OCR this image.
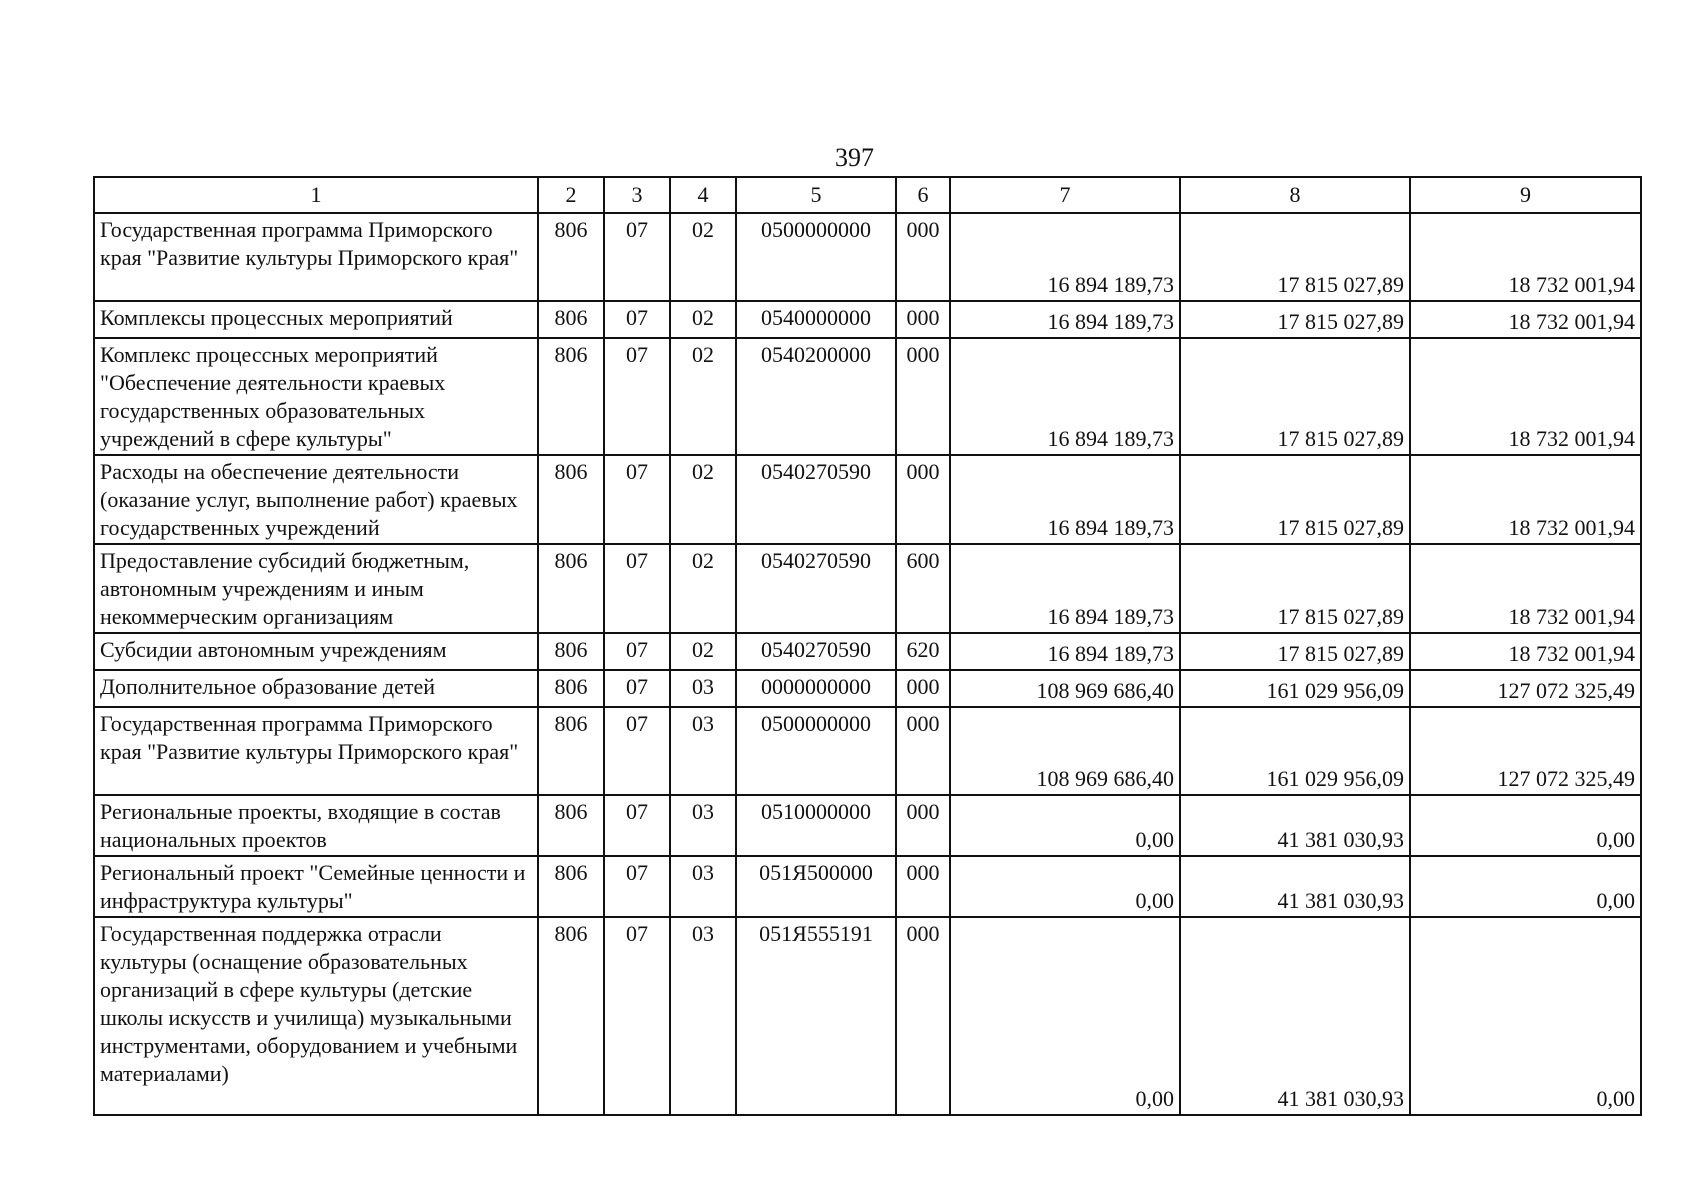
397
1	2	3	4	5	6	7	8	9
Государственная программа Приморского края "Развитие культуры Приморского края"	806	07	02	0500000000	000	16 894 189,73	17 815 027,89	18 732 001,94
Комплексы процессных мероприятий	806	07	02	0540000000	000	16 894 189,73	17 815 027,89	18 732 001,94
Комплекс процессных мероприятий "Обеспечение деятельности краевых государственных образовательных учреждений в сфере культуры"	806	07	02	0540200000	000	16 894 189,73	17 815 027,89	18 732 001,94
Расходы на обеспечение деятельности (оказание услуг, выполнение работ) краевых государственных учреждений	806	07	02	0540270590	000	16 894 189,73	17 815 027,89	18 732 001,94
Предоставление субсидий бюджетным, автономным учреждениям и иным некоммерческим организациям	806	07	02	0540270590	600	16 894 189,73	17 815 027,89	18 732 001,94
Субсидии автономным учреждениям	806	07	02	0540270590	620	16 894 189,73	17 815 027,89	18 732 001,94
Дополнительное образование детей	806	07	03	0000000000	000	108 969 686,40	161 029 956,09	127 072 325,49
Государственная программа Приморского края "Развитие культуры Приморского края"	806	07	03	0500000000	000	108 969 686,40	161 029 956,09	127 072 325,49
Региональные проекты, входящие в состав национальных проектов	806	07	03	0510000000	000	0,00	41 381 030,93	0,00
Региональный проект "Семейные ценности и инфраструктура культуры"	806	07	03	051Я500000	000	0,00	41 381 030,93	0,00
Государственная поддержка отрасли культуры (оснащение образовательных организаций в сфере культуры (детские школы искусств и училища) музыкальными инструментами, оборудованием и учебными материалами)	806	07	03	051Я555191	000	0,00	41 381 030,93	0,00
